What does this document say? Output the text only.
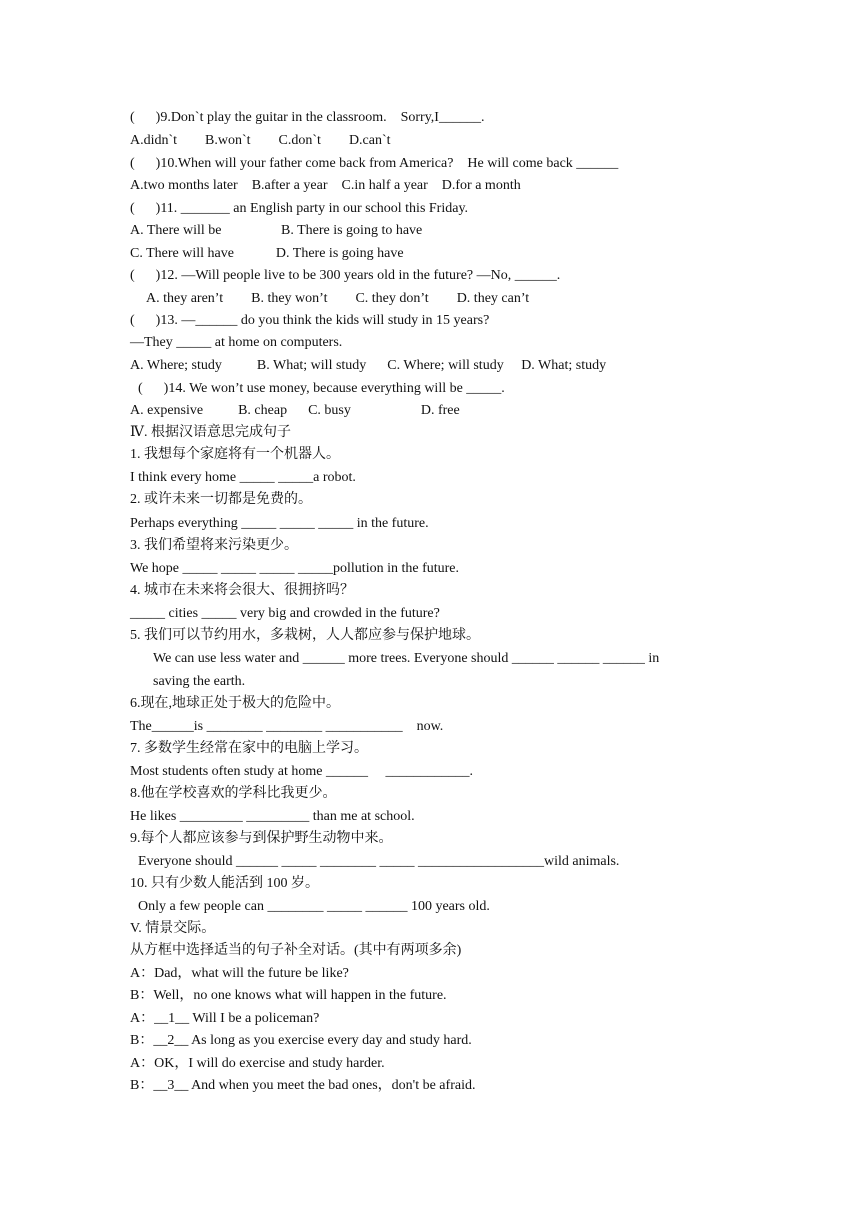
(      )9.Don`t play the guitar in the classroom.    Sorry,I______.
A.didn`t        B.won`t        C.don`t        D.can`t
(      )10.When will your father come back from America?    He will come back ______
A.two months later    B.after a year    C.in half a year    D.for a month
(      )11. _______ an English party in our school this Friday.
A. There will be                 B. There is going to have
C. There will have            D. There is going have
(      )12. —Will people live to be 300 years old in the future? —No, ______.
A. they aren’t        B. they won’t        C. they don’t        D. they can’t
(      )13. —______ do you think the kids will study in 15 years?
—They _____ at home on computers.
A. Where; study          B. What; will study      C. Where; will study     D. What; study
(      )14. We won’t use money, because everything will be _____.
A. expensive          B. cheap      C. busy                    D. free
Ⅳ. 根据汉语意思完成句子
1. 我想每个家庭将有一个机器人。
I think every home _____ _____a robot.
2. 或许未来一切都是免费的。
Perhaps everything _____ _____ _____ in the future.
3. 我们希望将来污染更少。
We hope _____ _____ _____ _____pollution in the future.
4. 城市在未来将会很大、很拥挤吗？
_____ cities _____ very big and crowded in the future?
5. 我们可以节约用水，多栽树，人人都应参与保护地球。
We can use less water and ______ more trees. Everyone should ______ ______ ______ in
saving the earth.
6.现在,地球正处于极大的危险中。
The______is ________ ________ ___________    now.
7. 多数学生经常在家中的电脑上学习。
Most students often study at home ______     ____________.
8.他在学校喜欢的学科比我更少。
He likes _________ _________ than me at school.
9.每个人都应该参与到保护野生动物中来。
Everyone should ______ _____ ________ _____ __________________wild animals.
10. 只有少数人能活到 100 岁。
Only a few people can ________ _____ ______ 100 years old.
V. 情景交际。
从方框中选择适当的句子补全对话。(其中有两项多余)
A：Dad，what will the future be like?
B：Well，no one knows what will happen in the future.
A：__1__ Will I be a policeman?
B：__2__ As long as you exercise every day and study hard.
A：OK，I will do exercise and study harder.
B：__3__ And when you meet the bad ones，don't be afraid.
